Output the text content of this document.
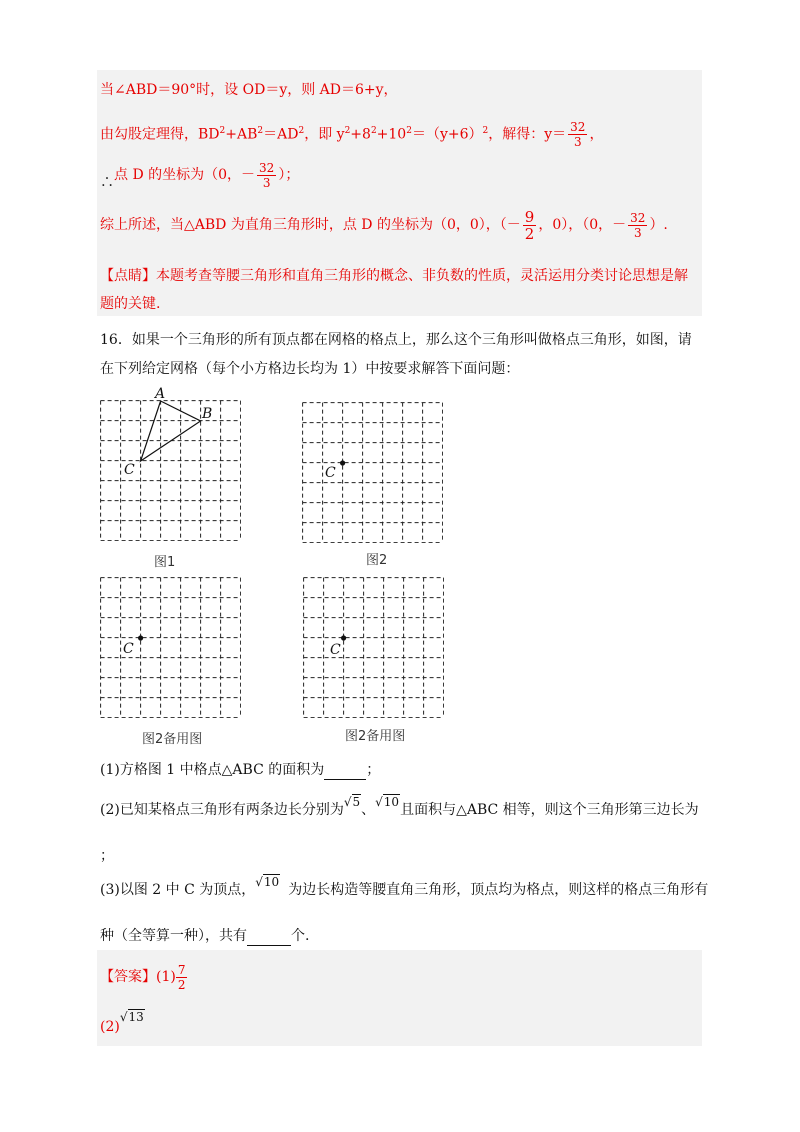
当∠ABD＝90°时，设 OD＝y，则 AD＝6+y，
由勾股定理得，$BD^2+AB^2=AD^2$，即 $y^2+8^2+10^2=(y+6)^2$，解得：$y= \frac{32}{3}$ ，
∴点 D 的坐标为（0，－ $\frac{32}{3}$ ）；
综上所述，当△ABD 为直角三角形时，点 D 的坐标为（0，0），（－ $\frac{9}{2}$ ，0），（0，－ $\frac{32}{3}$ ）.
【点睛】本题考查等腰三角形和直角三角形的概念、非负数的性质，灵活运用分类讨论思想是解
题的关键.
16．如果一个三角形的所有顶点都在网格的格点上，那么这个三角形叫做格点三角形，如图，请
在下列给定网格（每个小方格边长均为 1）中按要求解答下面问题：
A
B
C
图1
C
图2
C
图2备用图
C
图2备用图
(1)方格图 1 中格点△ABC 的面积为	；
(2)已知某格点三角形有两条边长分别为√5、√10且面积与△ABC 相等，则这个三角形第三边长为
；
(3)以图 2 中 C 为顶点，√10 为边长构造等腰直角三角形，顶点均为格点，则这样的格点三角形有
种（全等算一种），共有	个.
【答案】$(1) \frac{7}{2}$
(2)√13
